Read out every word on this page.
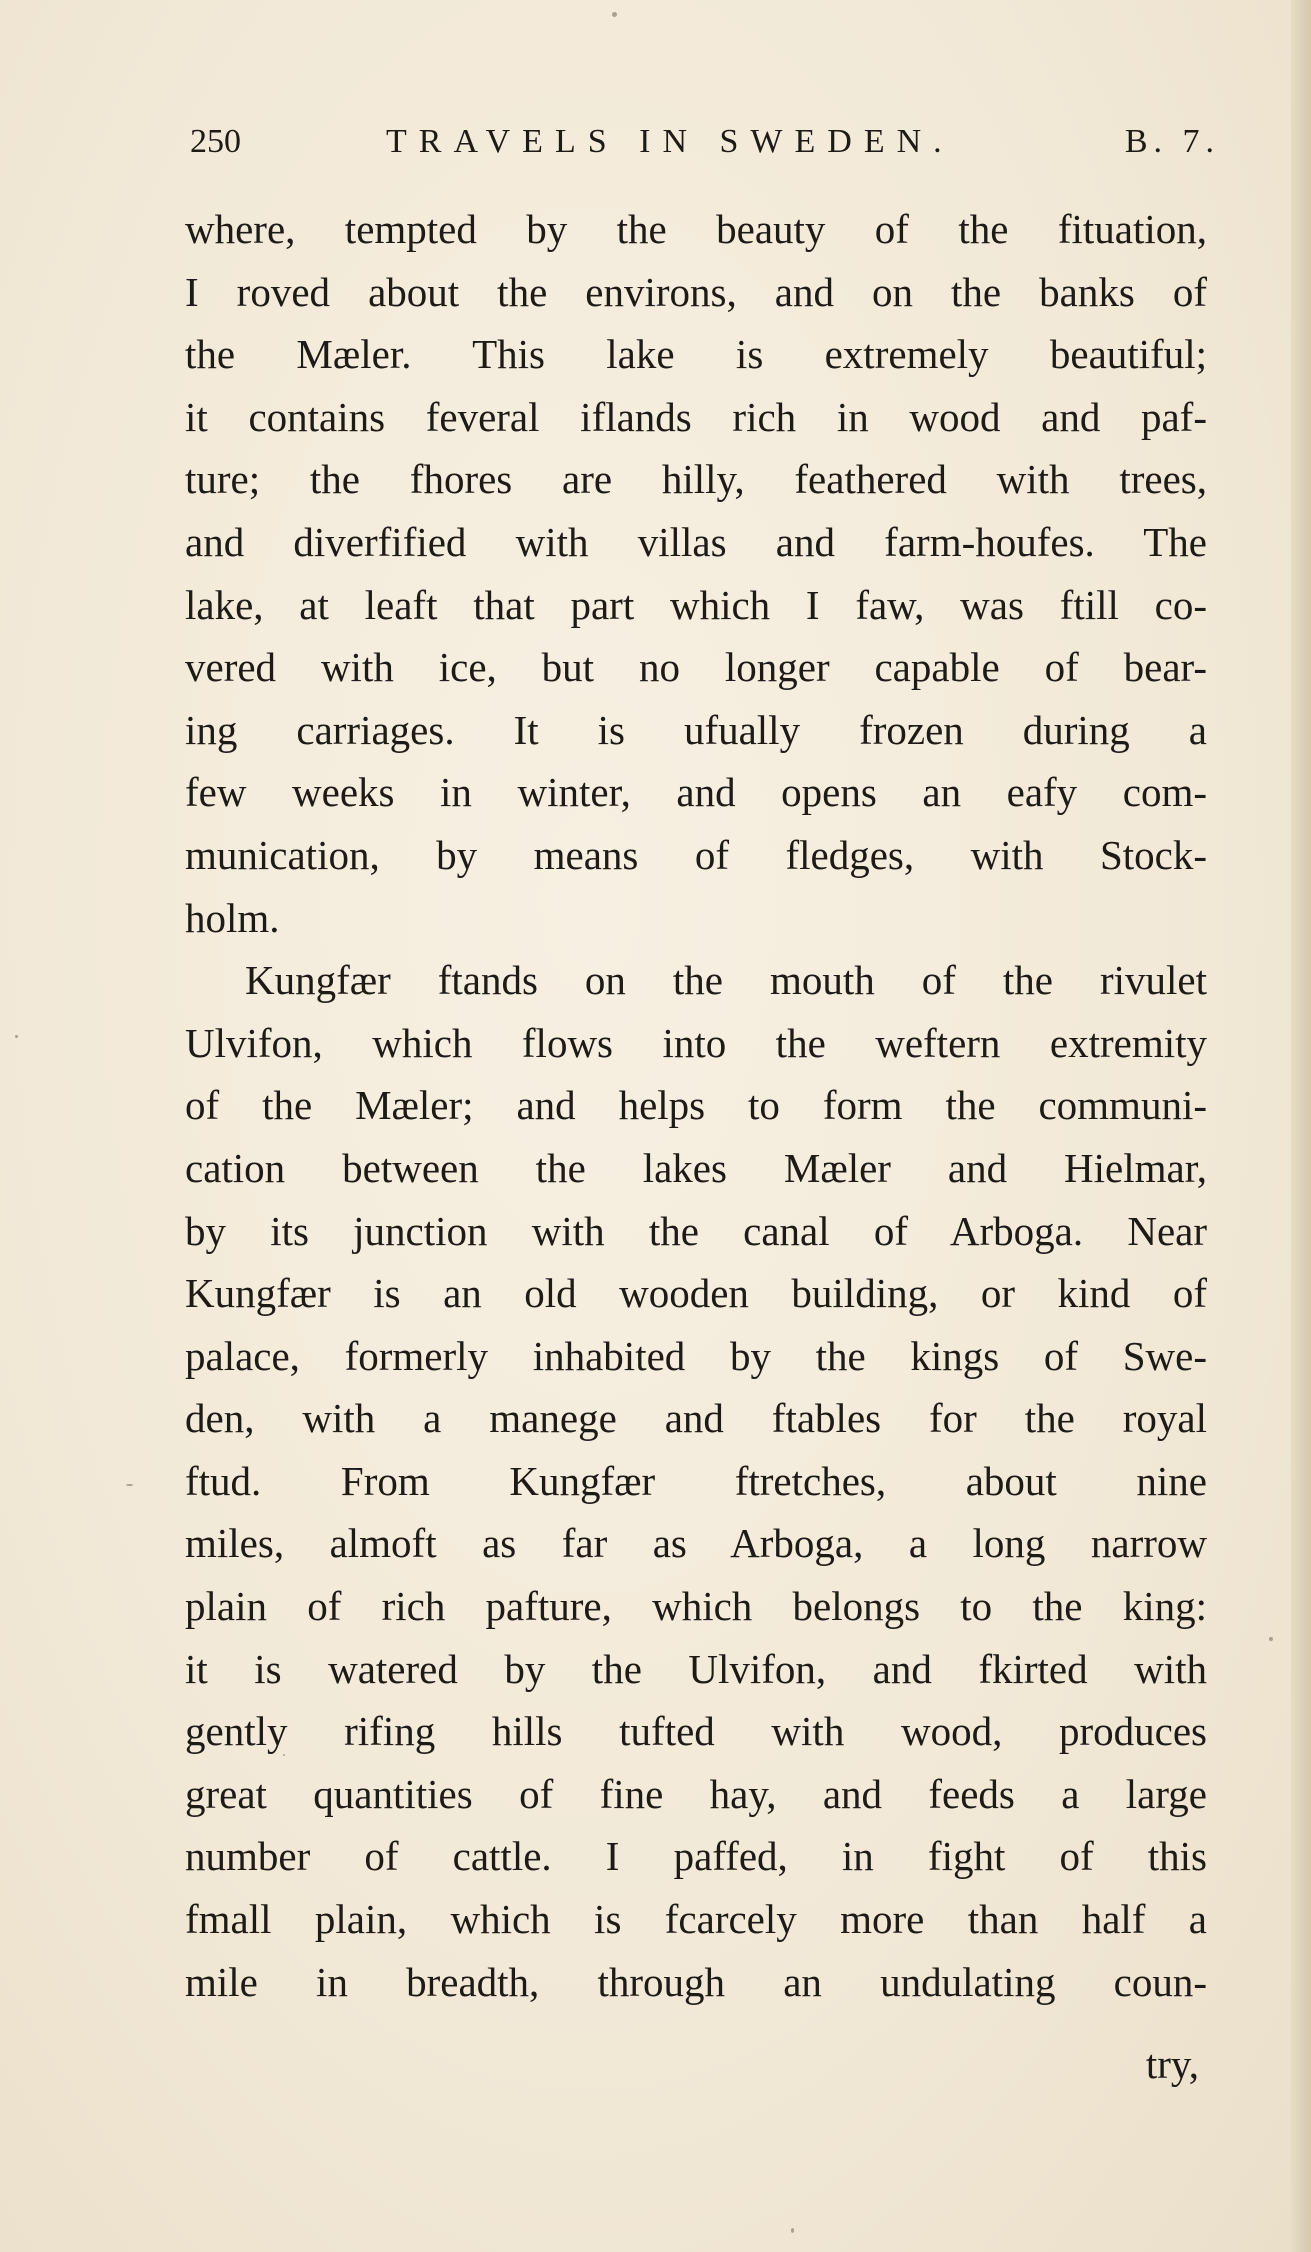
250	TRAVELS IN SWEDEN.	B. 7.
where, tempted by the beauty of the fituation,
I roved about the environs, and on the banks of
the Mæler. This lake is extremely beautiful;
it contains feveral iflands rich in wood and paf-
ture; the fhores are hilly, feathered with trees,
and diverfified with villas and farm-houfes. The
lake, at leaft that part which I faw, was ftill co-
vered with ice, but no longer capable of bear-
ing carriages. It is ufually frozen during a
few weeks in winter, and opens an eafy com-
munication, by means of fledges, with Stock-
holm.
Kungfær ftands on the mouth of the rivulet
Ulvifon, which flows into the weftern extremity
of the Mæler; and helps to form the communi-
cation between the lakes Mæler and Hielmar,
by its junction with the canal of Arboga. Near
Kungfær is an old wooden building, or kind of
palace, formerly inhabited by the kings of Swe-
den, with a manege and ftables for the royal
ftud. From Kungfær ftretches, about nine
miles, almoft as far as Arboga, a long narrow
plain of rich pafture, which belongs to the king:
it is watered by the Ulvifon, and fkirted with
gently rifing hills tufted with wood, produces
great quantities of fine hay, and feeds a large
number of cattle. I paffed, in fight of this
fmall plain, which is fcarcely more than half a
mile in breadth, through an undulating coun-
try,
